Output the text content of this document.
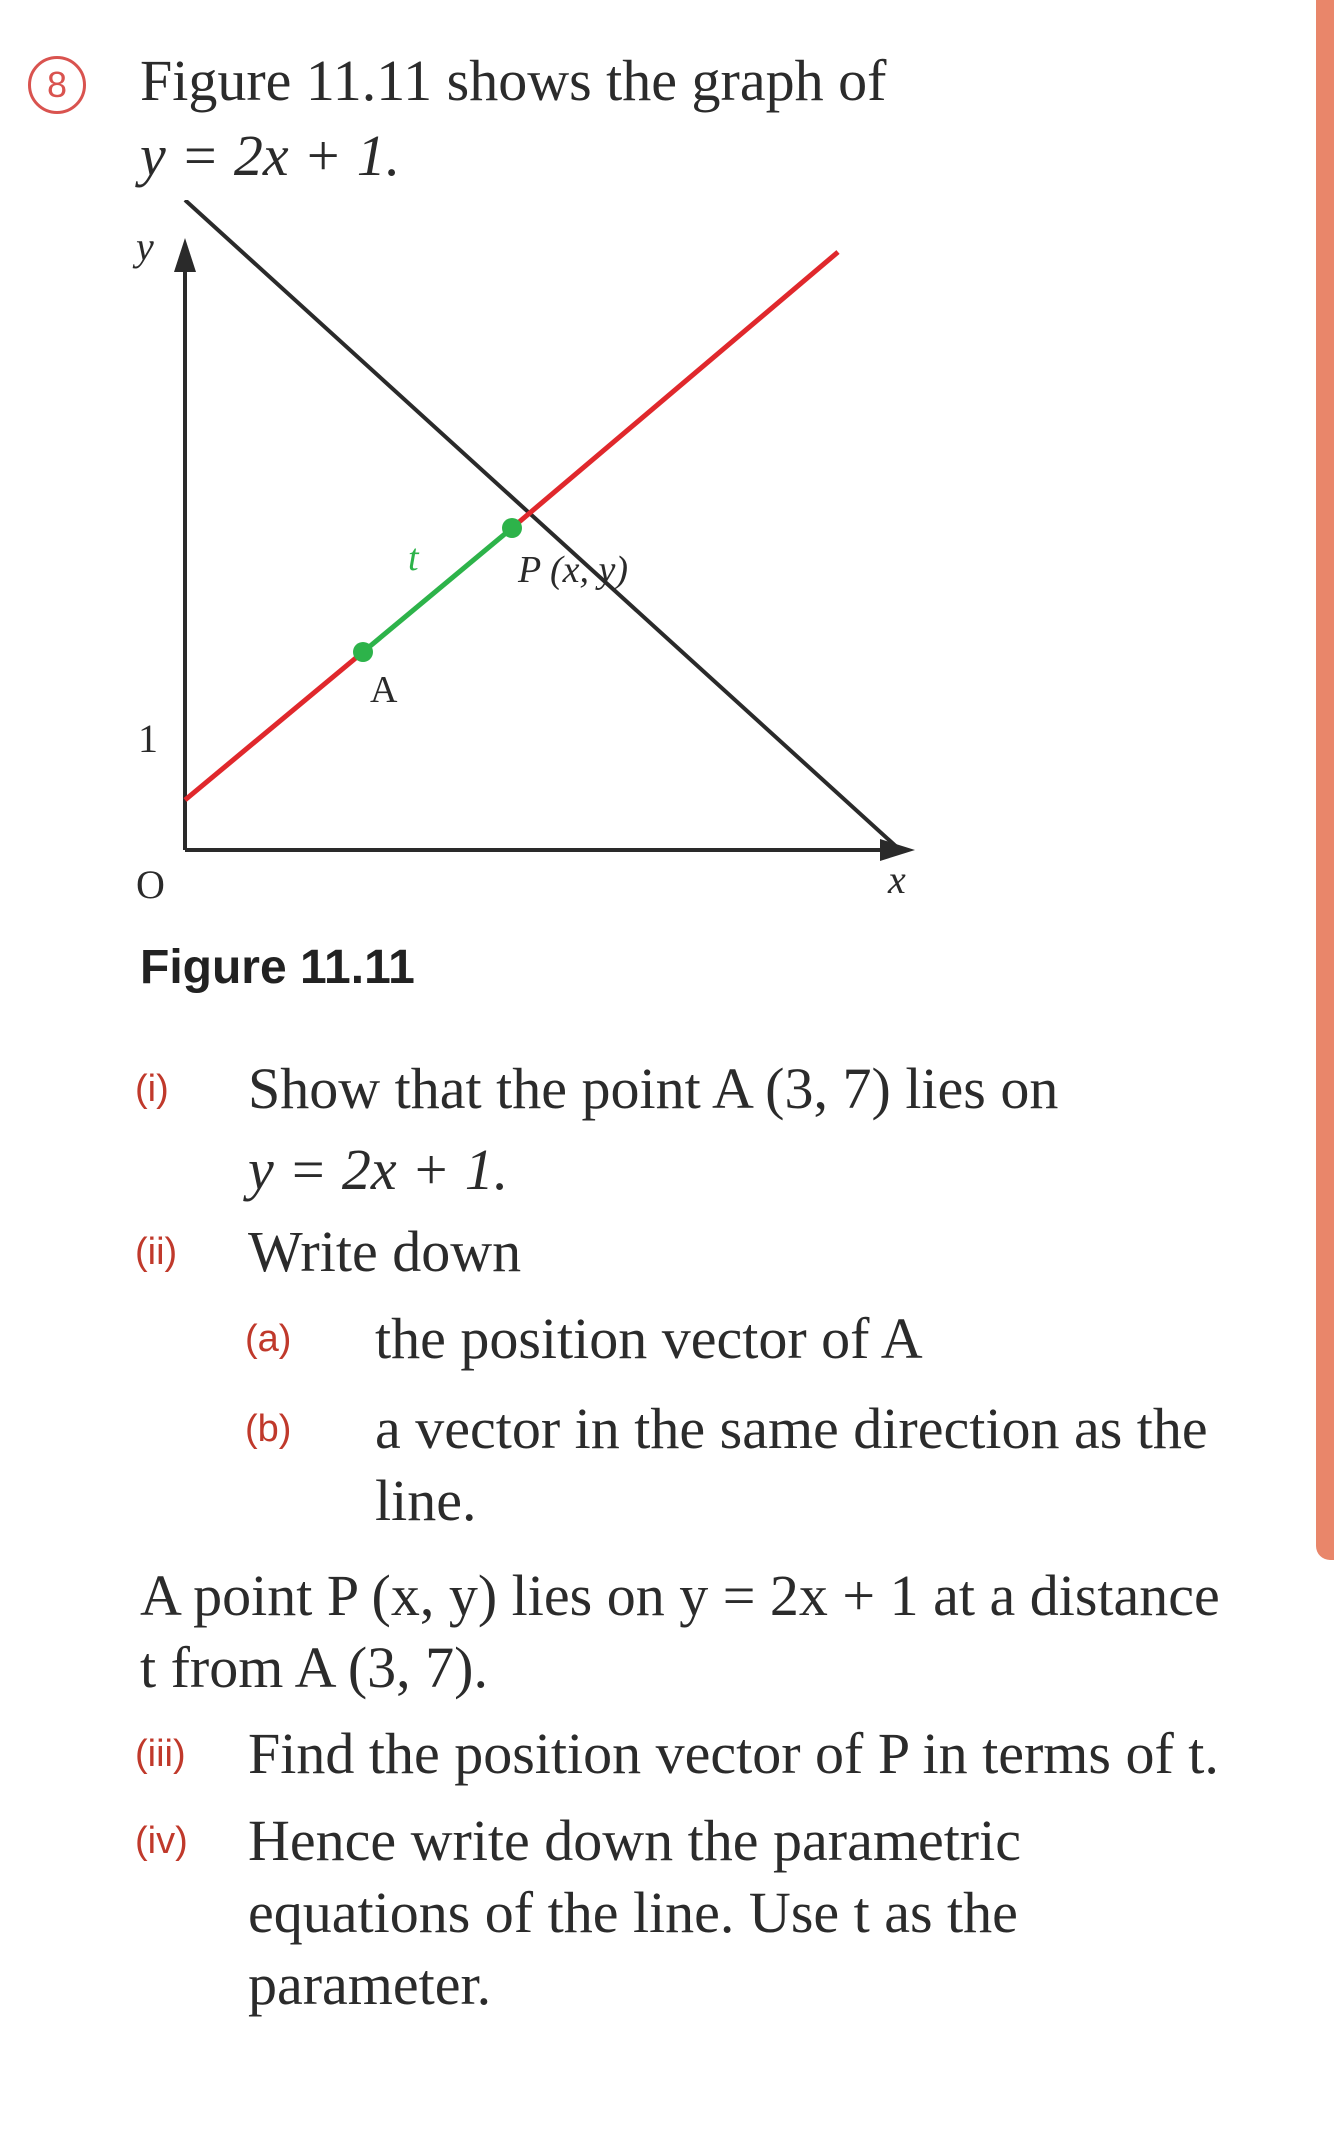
8	Figure 11.11 shows the graph of
y = 2x + 1.
y
x
O
1
t
A
P (x, y)
Figure 11.11
(i) Show that the point A (3, 7) lies on
y = 2x + 1.
(ii) Write down
(a) the position vector of A
(b) a vector in the same direction as the
line.
A point P (x, y) lies on y = 2x + 1 at a distance
t from A (3, 7).
(iii) Find the position vector of P in terms of t.
(iv) Hence write down the parametric
equations of the line. Use t as the
parameter.
